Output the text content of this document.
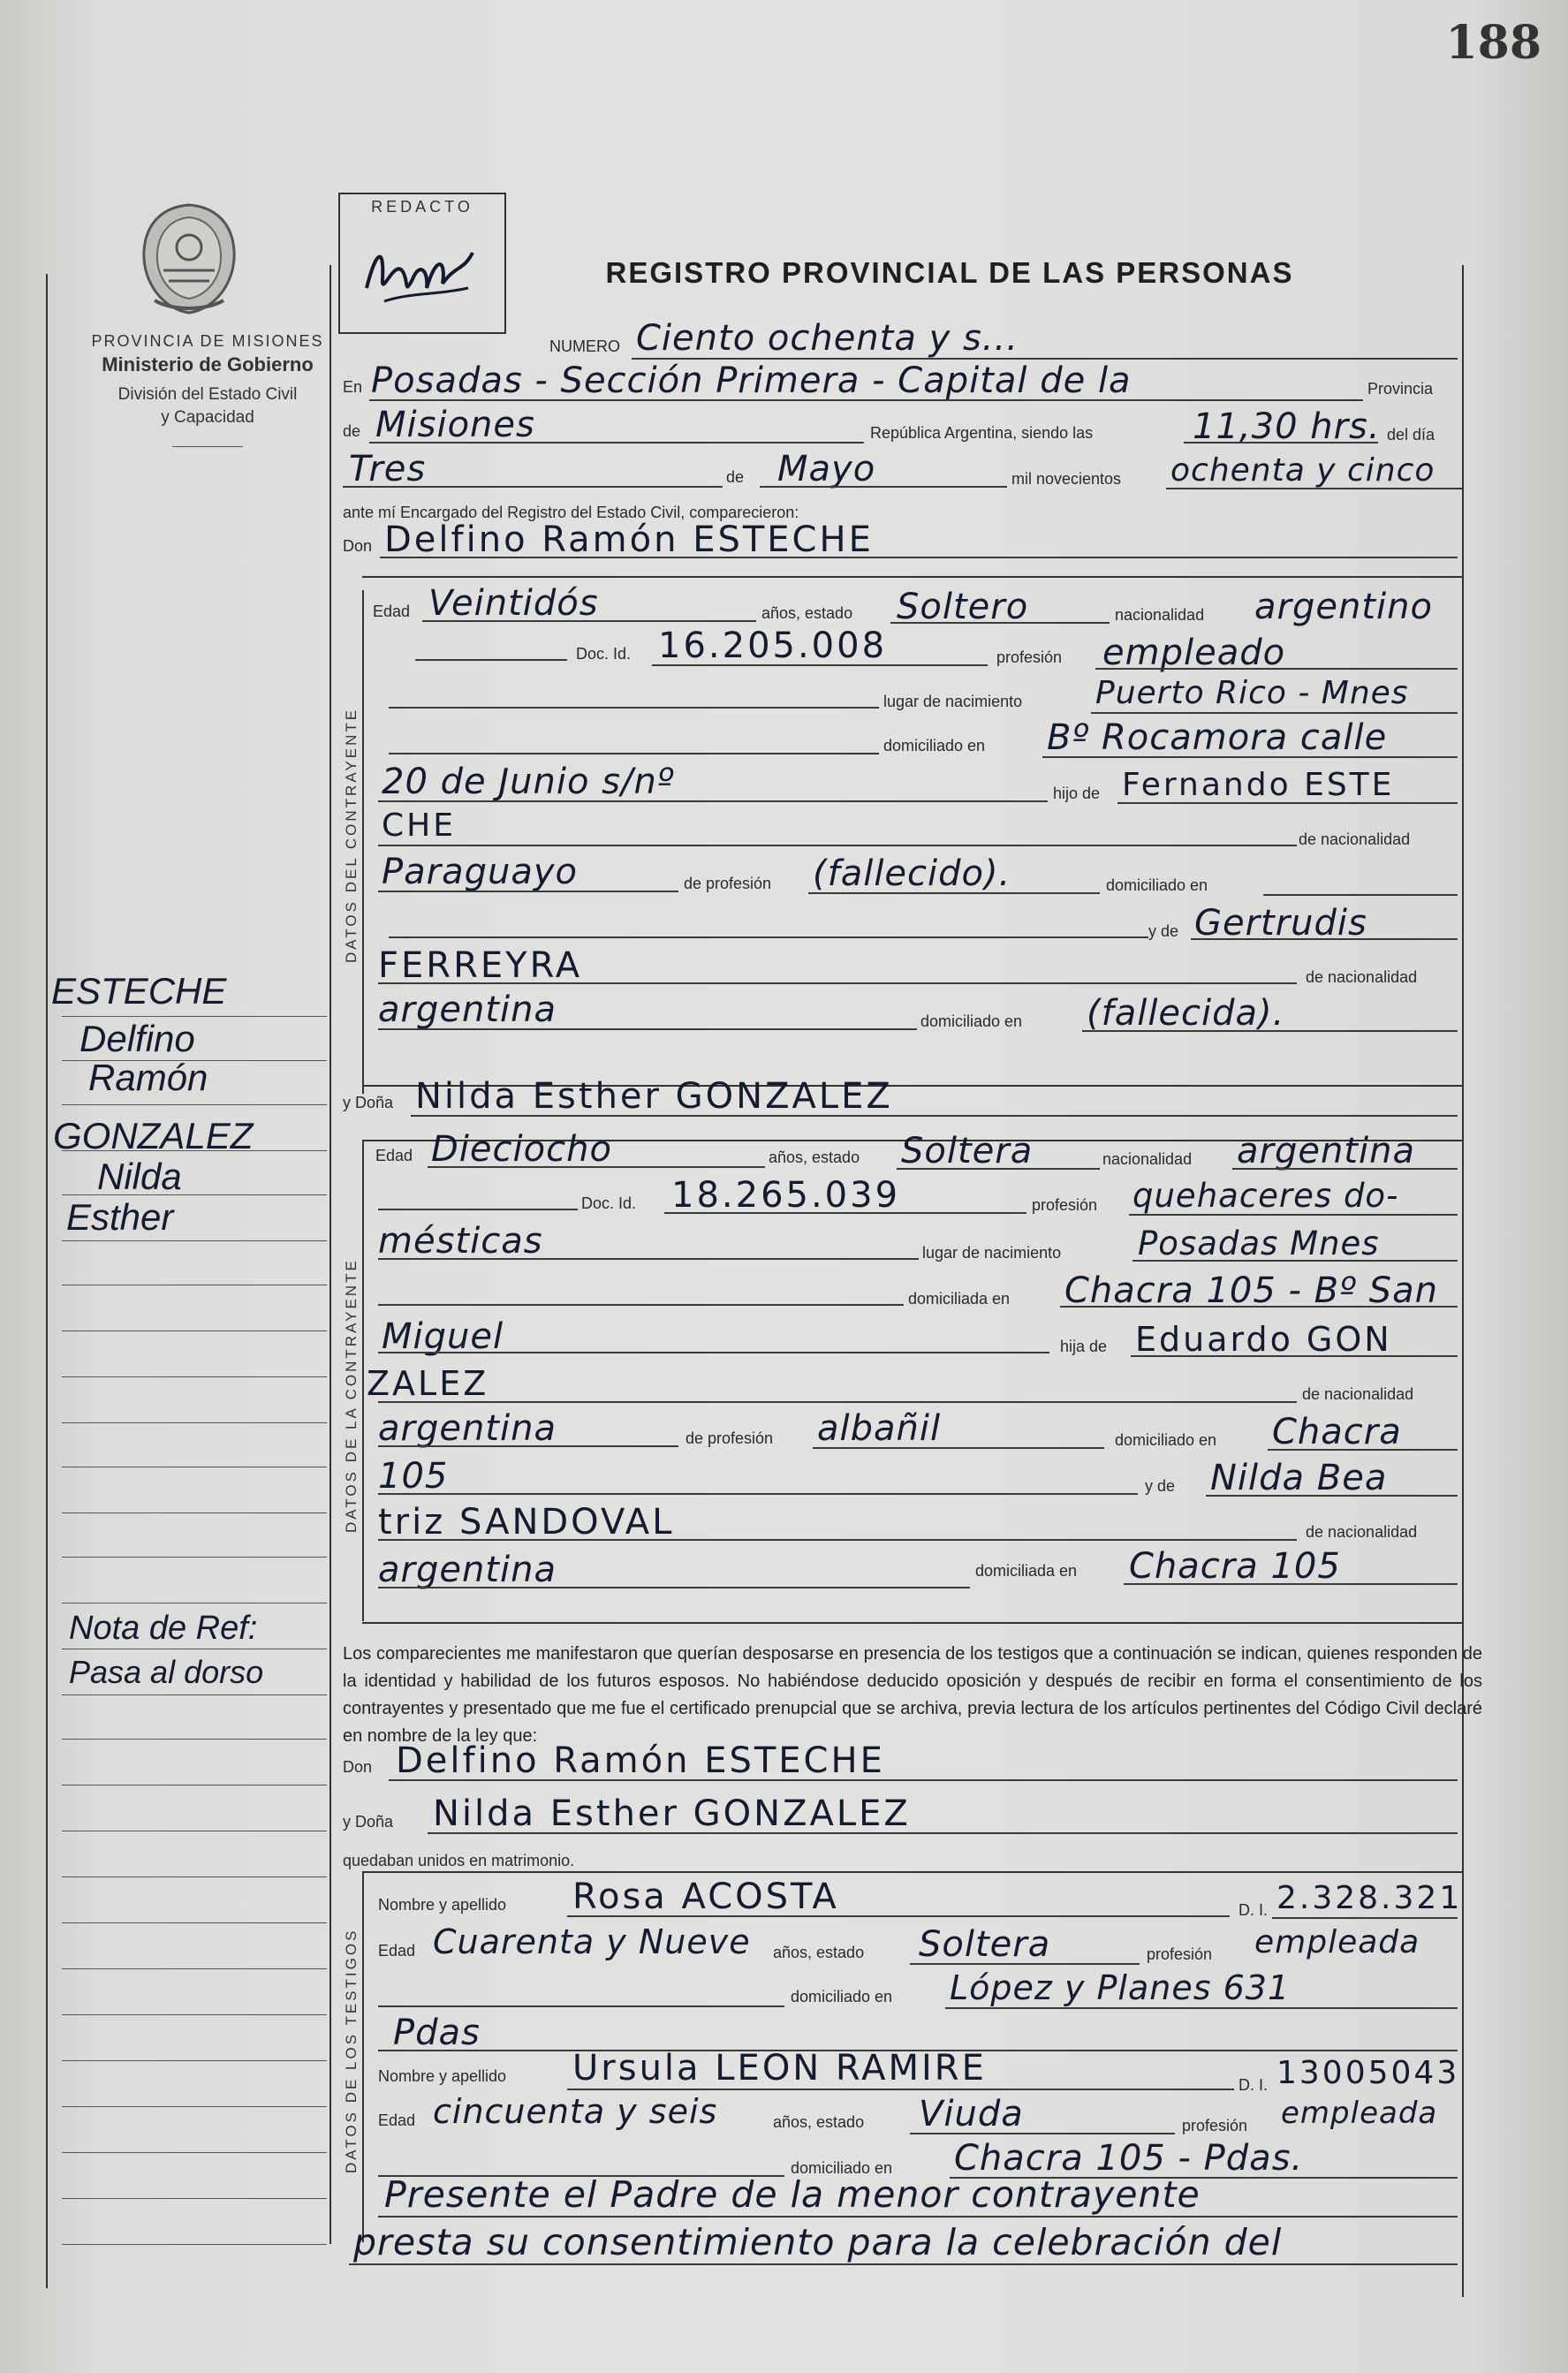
188
PROVINCIA DE MISIONES
Ministerio de Gobierno
División del Estado Civil
y Capacidad
REDACTO
REGISTRO PROVINCIAL DE LAS PERSONAS
NUMERO Ciento ochenta y s...
En Posadas - Sección Primera - Capital de la	Provincia
de Misiones	República Argentina, siendo las	11,30 hrs. del día
Tres	de Mayo	mil novecientos ochenta y cinco
ante mí Encargado del Registro del Estado Civil, comparecieron:
Don Delfino Ramón ESTECHE
DATOS DEL CONTRAYENTE
Edad Veintidós	años, estado Soltero	nacionalidad argentino
Doc. Id. 16.205.008	profesión empleado
lugar de nacimiento Puerto Rico - Mnes
domiciliado en Bº Rocamora calle
20 de Junio s/nº	hijo de Fernando ESTE
CHE	de nacionalidad
Paraguayo	de profesión (fallecido).	domiciliado en
y de Gertrudis
FERREYRA	de nacionalidad
argentina	domiciliado en (fallecida).
y Doña Nilda Esther GONZALEZ
DATOS DE LA CONTRAYENTE
Edad Dieciocho	años, estado Soltera	nacionalidad argentina
Doc. Id. 18.265.039	profesión quehaceres do-
mésticas	lugar de nacimiento Posadas Mnes
domiciliada en Chacra 105 - Bº San
Miguel	hija de Eduardo GON
ZALEZ	de nacionalidad
argentina	de profesión albañil	domiciliado en Chacra
105	y de Nilda Bea
triz SANDOVAL	de nacionalidad
argentina	domiciliada en Chacra 105
Los comparecientes me manifestaron que querían desposarse en presencia de los testigos que a continuación se indican, quienes responden de la identidad y habilidad de los futuros esposos. No habiéndose deducido oposición y después de recibir en forma el consentimiento de los contrayentes y presentado que me fue el certificado prenupcial que se archiva, previa lectura de los artículos pertinentes del Código Civil declaré en nombre de la ley que:
Don Delfino Ramón ESTECHE
y Doña Nilda Esther GONZALEZ
quedaban unidos en matrimonio.
DATOS DE LOS TESTIGOS
Nombre y apellido Rosa ACOSTA	D. I. 2.328.321
Edad Cuarenta y Nueve años, estado Soltera	profesión empleada
domiciliado en López y Planes 631
Pdas
Nombre y apellido Ursula LEON RAMIRE	D. I. 13005043
Edad cincuenta y seis	años, estado Viuda	profesión empleada
domiciliado en Chacra 105 - Pdas.
Presente el Padre de la menor contrayente
presta su consentimiento para la celebración del
ESTECHE
Delfino
Ramón
GONZALEZ
Nilda
Esther
Nota de Ref:
Pasa al dorso
